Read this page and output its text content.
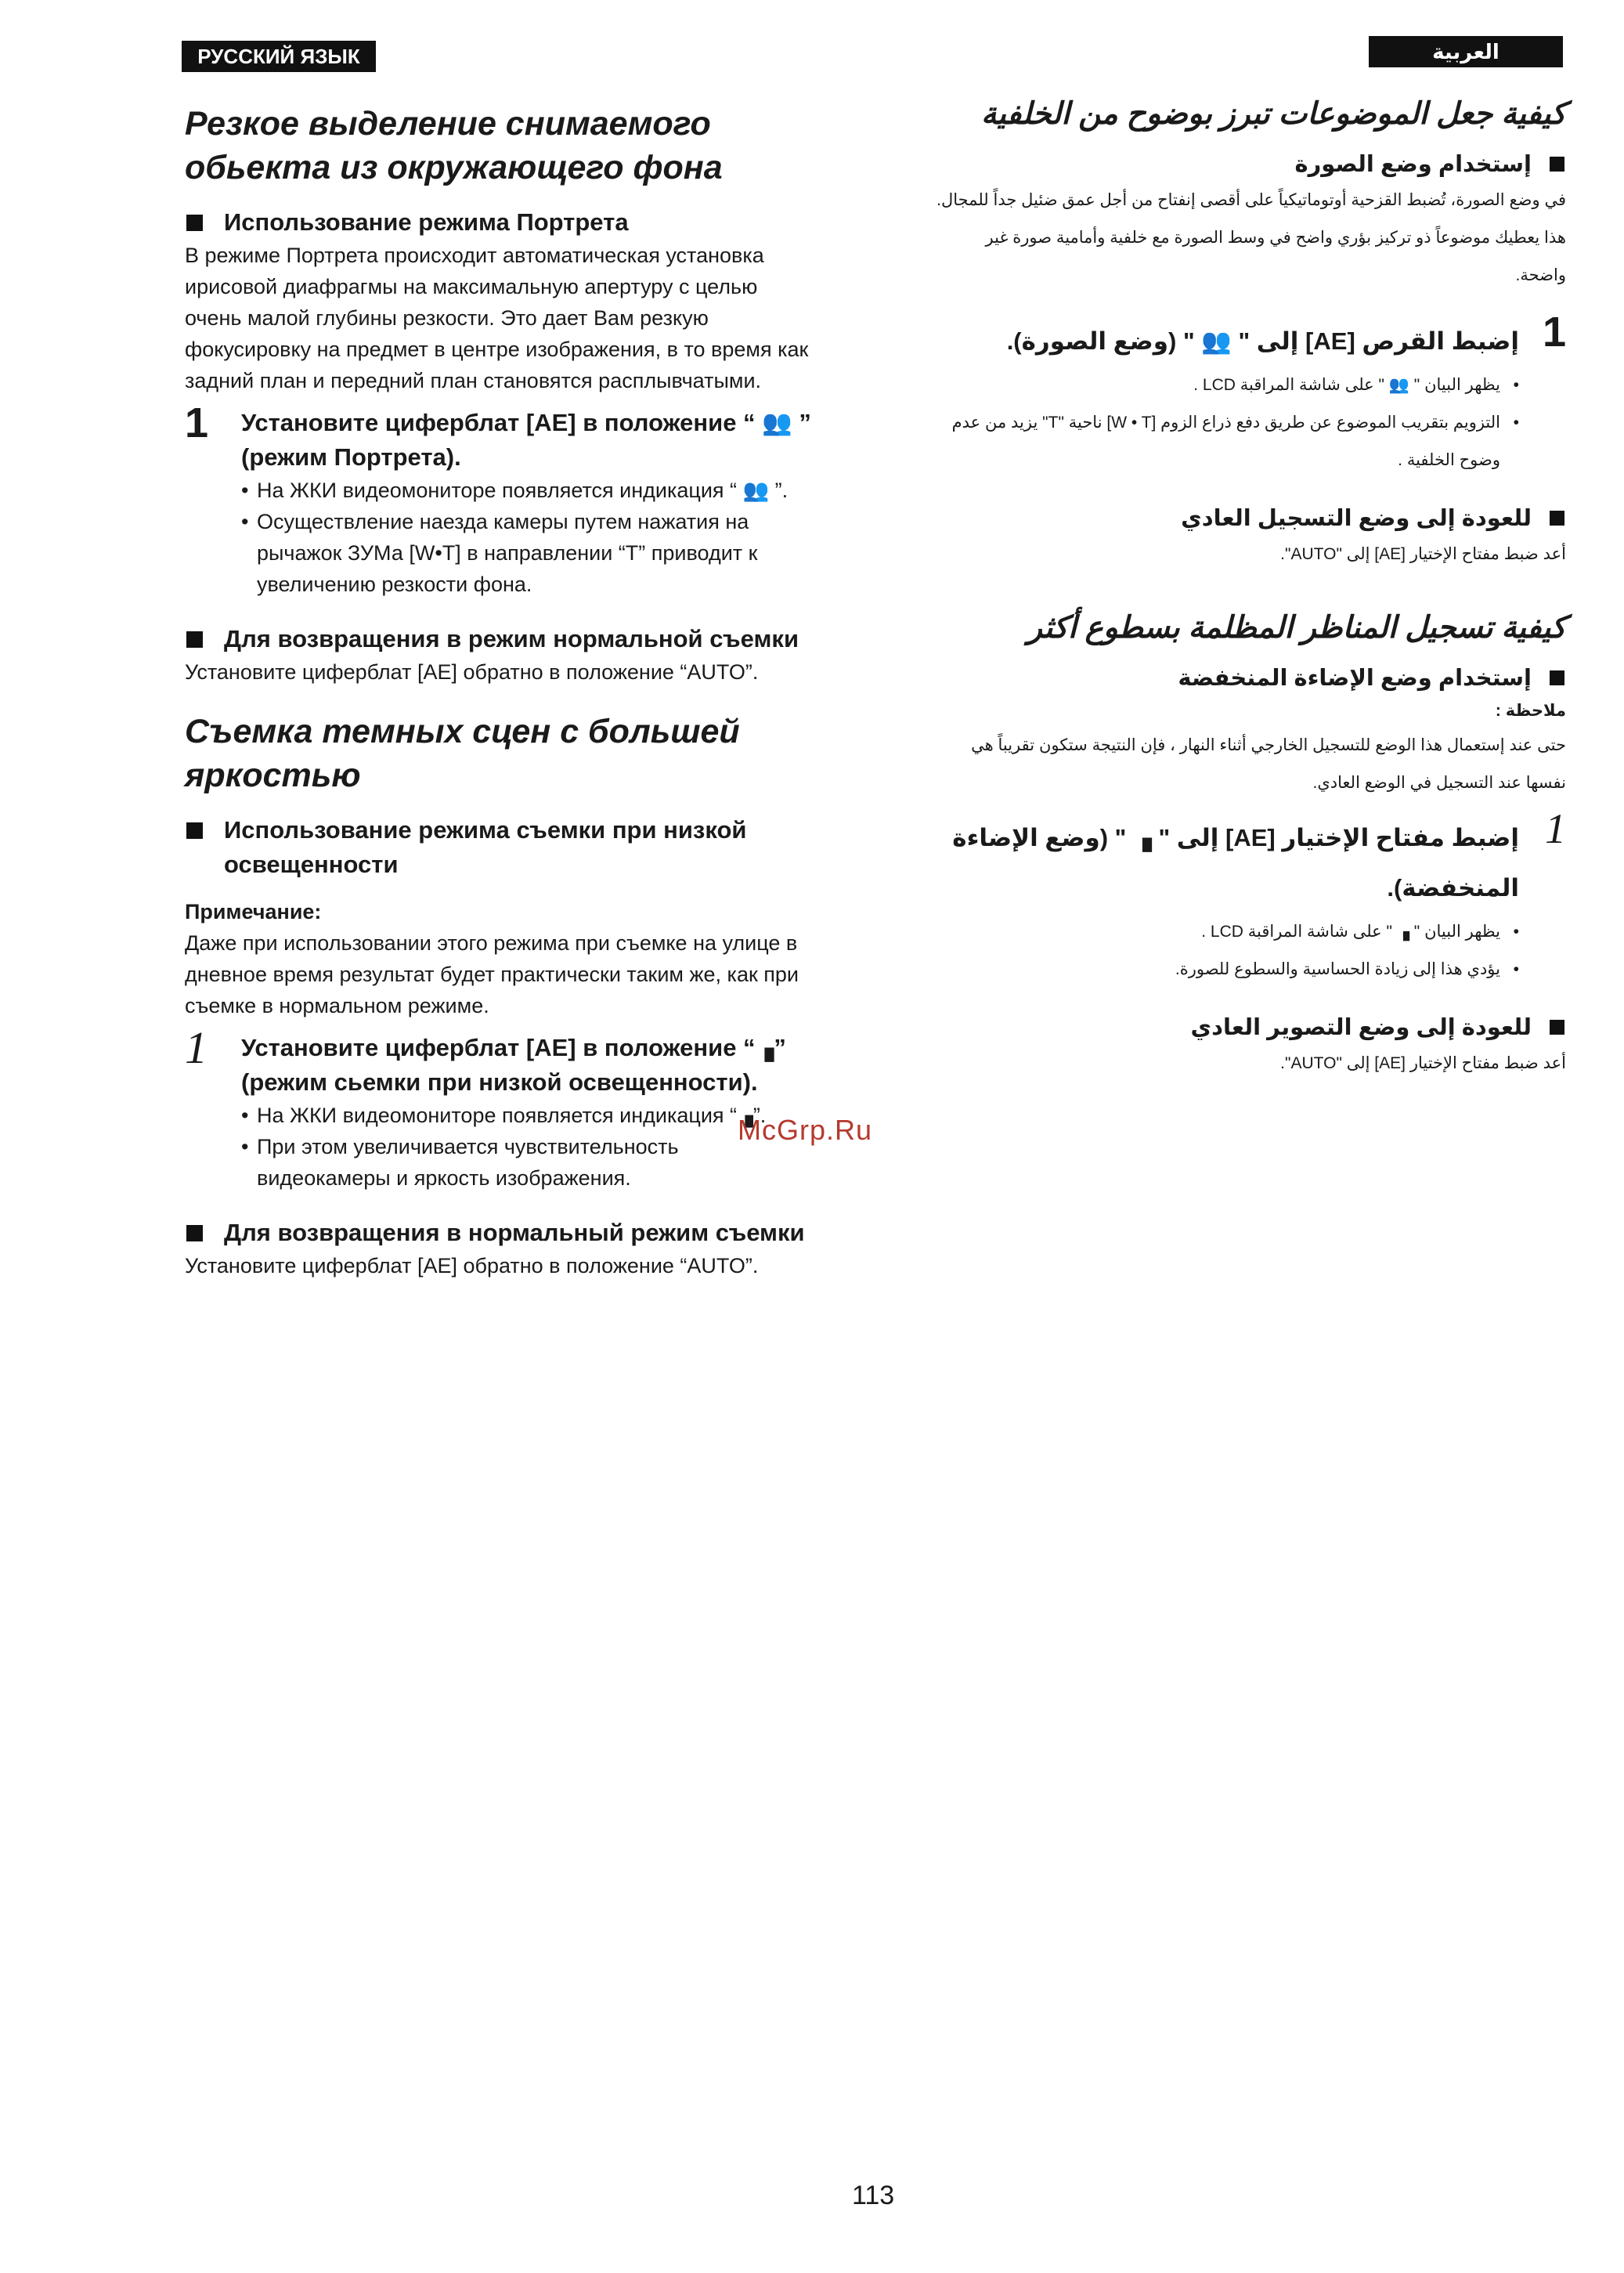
РУССКИЙ ЯЗЫК	العربية
Резкое выделение снимаемого обьекта из окружающего фона

Использование режима Портрета

В режиме Портрета происходит автоматическая установка ирисовой диафрагмы на максимальную апертуру с целью очень малой глубины резкости. Это дает Вам резкую фокусировку на предмет в центре изображения, в то время как задний план и передний план становятся расплывчатыми.

1 Установите циферблат [AE] в положение “ 👥 ” (режим Портрета).

• На ЖКИ видеомониторе появляется индикация “ 👥 ”.
• Осуществление наезда камеры путем нажатия на рычажок ЗУМа [W•T] в направлении “T” приводит к увеличению резкости фона.

Для возвращения в режим нормальной съемки

Установите циферблат [AE] обратно в положение “AUTO”.

Съемка темных сцен с большей яркостью

Использование режима съемки при низкой освещенности

Примечание:

Даже при использовании этого режима при съемке на улице в дневное время результат будет практически таким же, как при съемке в нормальном режиме.

1 Установите циферблат [AE] в положение “▗” (режим сьемки при низкой освещенности).

• На ЖКИ видеомониторе появляется индикация “▗”.
• При этом увеличивается чувствительность видеокамеры и яркость изображения.

Для возвращения в нормальный режим съемки

Установите циферблат [AE] обратно в положение “AUTO”.

كيفية جعل الموضوعات تبرز بوضوح من الخلفية

إستخدام وضع الصورة

في وضع الصورة، تُضبط القزحية أوتوماتيكياً على أقصى إنفتاح من أجل عمق ضئيل جداً للمجال. هذا يعطيك موضوعاً ذو تركيز بؤري واضح في وسط الصورة مع خلفية وأمامية صورة غير واضحة.

1

إضبط القرص [AE] إلى " 👥 " (وضع الصورة).

• يظهر البيان " 👥 " على شاشة المراقبة LCD .
• التزويم بتقريب الموضوع عن طريق دفع ذراع الزوم [W • T] ناحية "T" يزيد من عدم وضوح الخلفية .

للعودة إلى وضع التسجيل العادي

أعد ضبط مفتاح الإختيار [AE] إلى "AUTO".

كيفية تسجيل المناظر المظلمة بسطوع أكثر

إستخدام وضع الإضاءة المنخفضة

ملاحظة :

حتى عند إستعمال هذا الوضع للتسجيل الخارجي أثناء النهار ، فإن النتيجة ستكون تقريباً هي نفسها عند التسجيل في الوضع العادي.

1

إضبط مفتاح الإختيار [AE] إلى " ▗ " (وضع الإضاءة المنخفضة).

• يظهر البيان " ▗ " على شاشة المراقبة LCD .
• يؤدي هذا إلى زيادة الحساسية والسطوع للصورة.

للعودة إلى وضع التصوير العادي

أعد ضبط مفتاح الإختيار [AE] إلى "AUTO".

McGrp.Ru
113
